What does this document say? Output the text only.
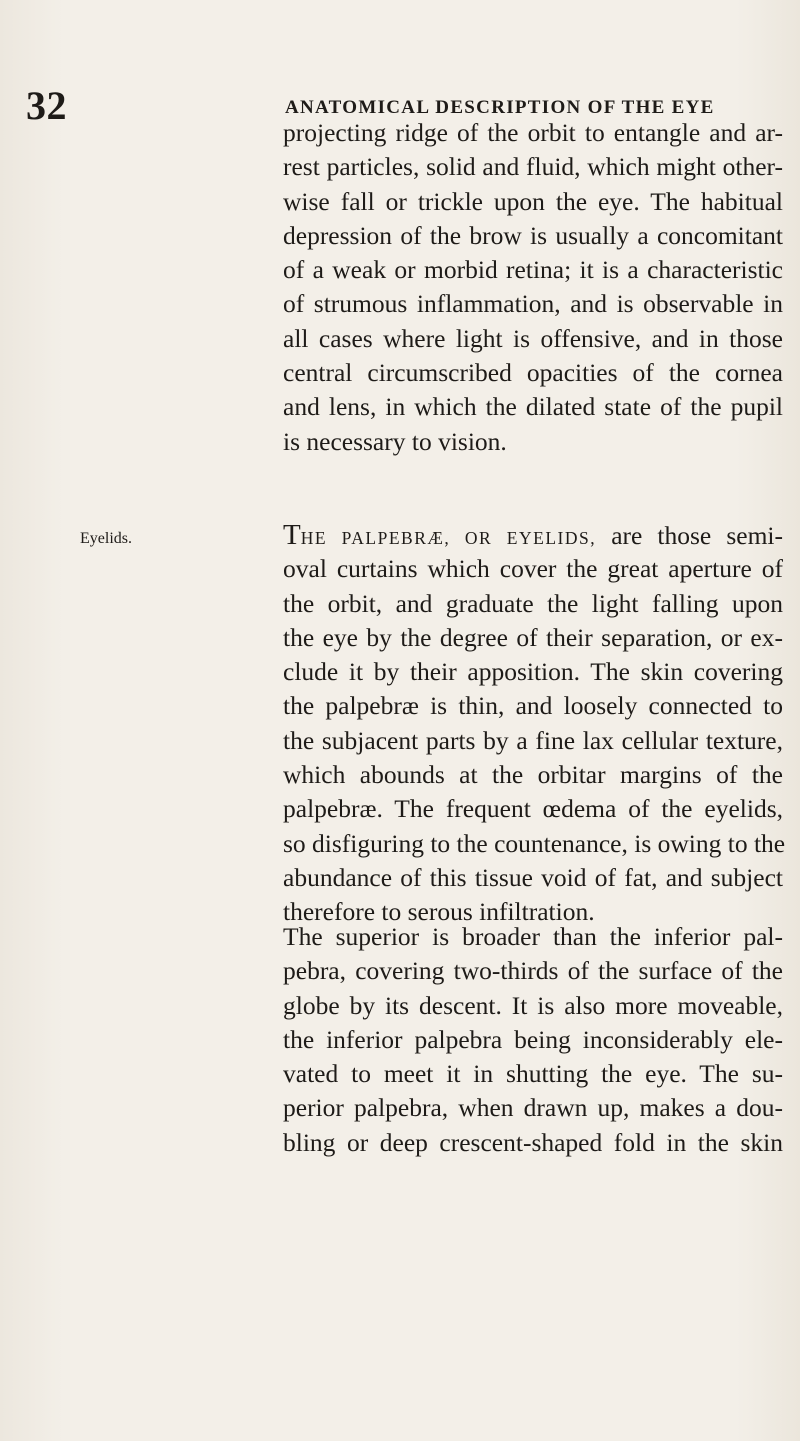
32	ANATOMICAL DESCRIPTION OF THE EYE
Eyelids.
projecting ridge of the orbit to entangle and ar-
rest particles, solid and fluid, which might other-
wise fall or trickle upon the eye. The habitual
depression of the brow is usually a concomitant
of a weak or morbid retina; it is a characteristic
of strumous inflammation, and is observable in
all cases where light is offensive, and in those
central circumscribed opacities of the cornea
and lens, in which the dilated state of the pupil
is necessary to vision.
THE PALPEBRÆ, OR EYELIDS, are those semi-
oval curtains which cover the great aperture of
the orbit, and graduate the light falling upon
the eye by the degree of their separation, or ex-
clude it by their apposition. The skin covering
the palpebræ is thin, and loosely connected to
the subjacent parts by a fine lax cellular texture,
which abounds at the orbitar margins of the
palpebræ. The frequent œdema of the eyelids,
so disfiguring to the countenance, is owing to the
abundance of this tissue void of fat, and subject
therefore to serous infiltration.
The superior is broader than the inferior pal-
pebra, covering two-thirds of the surface of the
globe by its descent. It is also more moveable,
the inferior palpebra being inconsiderably ele-
vated to meet it in shutting the eye. The su-
perior palpebra, when drawn up, makes a dou-
bling or deep crescent-shaped fold in the skin
